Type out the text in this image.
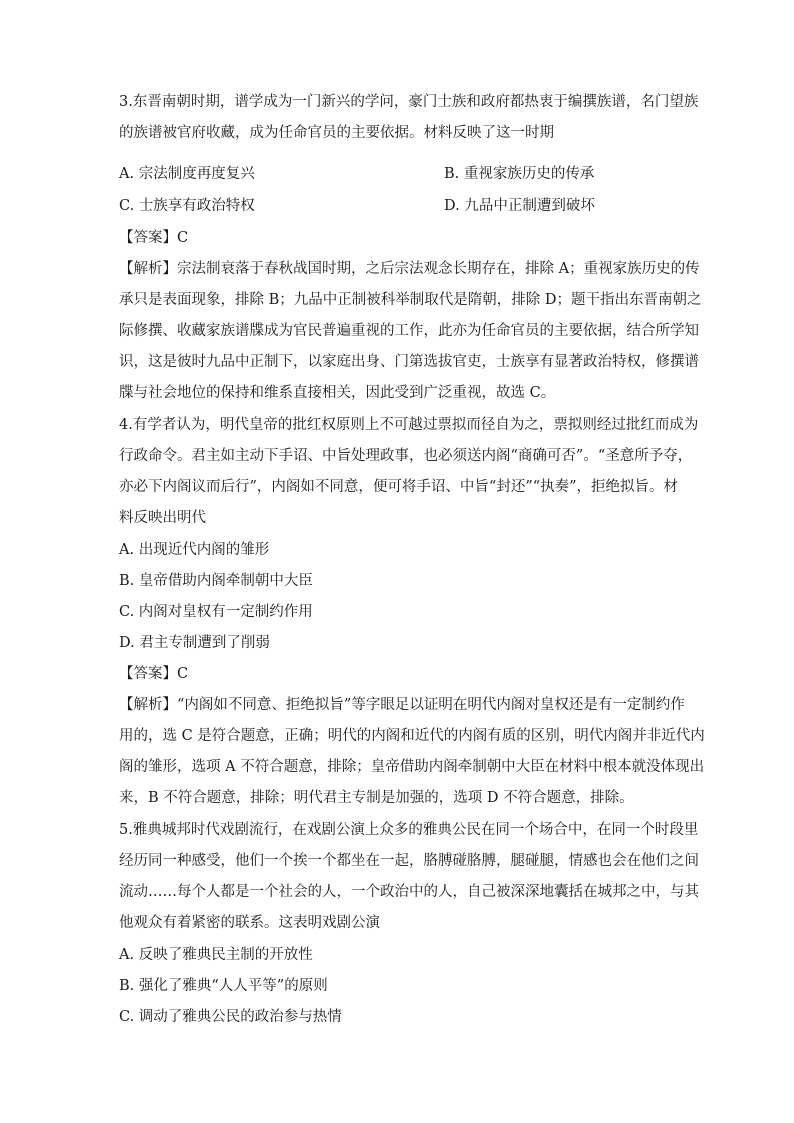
3.东晋南朝时期，谱学成为一门新兴的学问，豪门士族和政府都热衷于编撰族谱，名门望族
的族谱被官府收藏，成为任命官员的主要依据。材料反映了这一时期
A. 宗法制度再度复兴	B. 重视家族历史的传承
C. 士族享有政治特权	D. 九品中正制遭到破坏
【答案】C
【解析】宗法制衰落于春秋战国时期，之后宗法观念长期存在，排除 A；重视家族历史的传
承只是表面现象，排除 B；九品中正制被科举制取代是隋朝，排除 D；题干指出东晋南朝之
际修撰、收藏家族谱牒成为官民普遍重视的工作，此亦为任命官员的主要依据，结合所学知
识，这是彼时九品中正制下，以家庭出身、门第选拔官吏，士族享有显著政治特权，修撰谱
牒与社会地位的保持和维系直接相关，因此受到广泛重视，故选 C。
4.有学者认为，明代皇帝的批红权原则上不可越过票拟而径自为之，票拟则经过批红而成为
行政命令。君主如主动下手诏、中旨处理政事，也必须送内阁“商确可否”。“圣意所予夺，
亦必下内阁议而后行”，内阁如不同意，便可将手诏、中旨“封还”“执奏”，拒绝拟旨。材
料反映出明代
A. 出现近代内阁的雏形
B. 皇帝借助内阁牵制朝中大臣
C. 内阁对皇权有一定制约作用
D. 君主专制遭到了削弱
【答案】C
【解析】“内阁如不同意、拒绝拟旨”等字眼足以证明在明代内阁对皇权还是有一定制约作
用的，选 C 是符合题意，正确；明代的内阁和近代的内阁有质的区别，明代内阁并非近代内
阁的雏形，选项 A 不符合题意，排除；皇帝借助内阁牵制朝中大臣在材料中根本就没体现出
来，B 不符合题意，排除；明代君主专制是加强的，选项 D 不符合题意，排除。
5.雅典城邦时代戏剧流行，在戏剧公演上众多的雅典公民在同一个场合中，在同一个时段里
经历同一种感受，他们一个挨一个都坐在一起，胳膊碰胳膊，腿碰腿，情感也会在他们之间
流动……每个人都是一个社会的人，一个政治中的人，自己被深深地囊括在城邦之中，与其
他观众有着紧密的联系。这表明戏剧公演
A. 反映了雅典民主制的开放性
B. 强化了雅典“人人平等”的原则
C. 调动了雅典公民的政治参与热情
